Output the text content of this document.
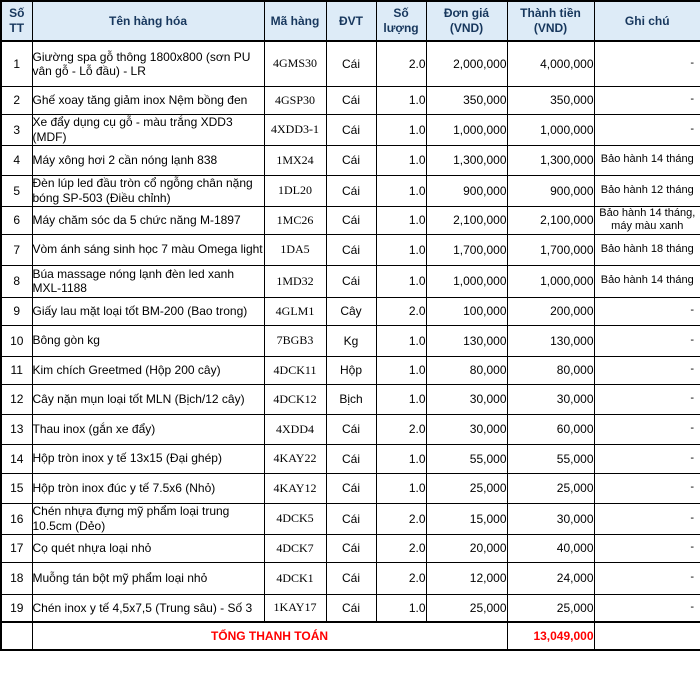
Số TT	Tên hàng hóa	Mã hàng	ĐVT	Số lượng	Đơn giá (VND)	Thành tiền (VND)	Ghi chú
1	Giường spa gỗ thông 1800x800 (sơn PU vân gỗ - Lỗ đầu) - LR	4GMS30	Cái	2.0	2,000,000	4,000,000	-
2	Ghế xoay tăng giảm inox Nệm bồng đen	4GSP30	Cái	1.0	350,000	350,000	-
3	Xe đẩy dụng cụ gỗ - màu trắng XDD3 (MDF)	4XDD3-1	Cái	1.0	1,000,000	1,000,000	-
4	Máy xông hơi 2 cần nóng lạnh 838	1MX24	Cái	1.0	1,300,000	1,300,000	Bảo hành 14 tháng
5	Đèn lúp led đầu tròn cổ ngỗng chân nặng bóng SP-503 (Điều chỉnh)	1DL20	Cái	1.0	900,000	900,000	Bảo hành 12 tháng
6	Máy chăm sóc da 5 chức năng M-1897	1MC26	Cái	1.0	2,100,000	2,100,000	Bảo hành 14 tháng, máy màu xanh
7	Vòm ánh sáng sinh học 7 màu Omega light	1DA5	Cái	1.0	1,700,000	1,700,000	Bảo hành 18 tháng
8	Búa massage nóng lạnh đèn led xanh MXL-1188	1MD32	Cái	1.0	1,000,000	1,000,000	Bảo hành 14 tháng
9	Giấy lau mặt loại tốt BM-200 (Bao trong)	4GLM1	Cây	2.0	100,000	200,000	-
10	Bông gòn kg	7BGB3	Kg	1.0	130,000	130,000	-
11	Kim chích Greetmed (Hộp 200 cây)	4DCK11	Hộp	1.0	80,000	80,000	-
12	Cây nặn mụn loại tốt MLN (Bịch/12 cây)	4DCK12	Bịch	1.0	30,000	30,000	-
13	Thau inox (gắn xe đẩy)	4XDD4	Cái	2.0	30,000	60,000	-
14	Hộp tròn inox y tế 13x15 (Đại ghép)	4KAY22	Cái	1.0	55,000	55,000	-
15	Hộp tròn inox đúc y tế 7.5x6 (Nhỏ)	4KAY12	Cái	1.0	25,000	25,000	-
16	Chén nhựa đựng mỹ phẩm loại trung 10.5cm (Dẻo)	4DCK5	Cái	2.0	15,000	30,000	-
17	Cọ quét nhựa loại nhỏ	4DCK7	Cái	2.0	20,000	40,000	-
18	Muỗng tán bột mỹ phẩm loại nhỏ	4DCK1	Cái	2.0	12,000	24,000	-
19	Chén inox y tế 4,5x7,5 (Trung sâu) - Số 3	1KAY17	Cái	1.0	25,000	25,000	-
	TỔNG THANH TOÁN					13,049,000	
